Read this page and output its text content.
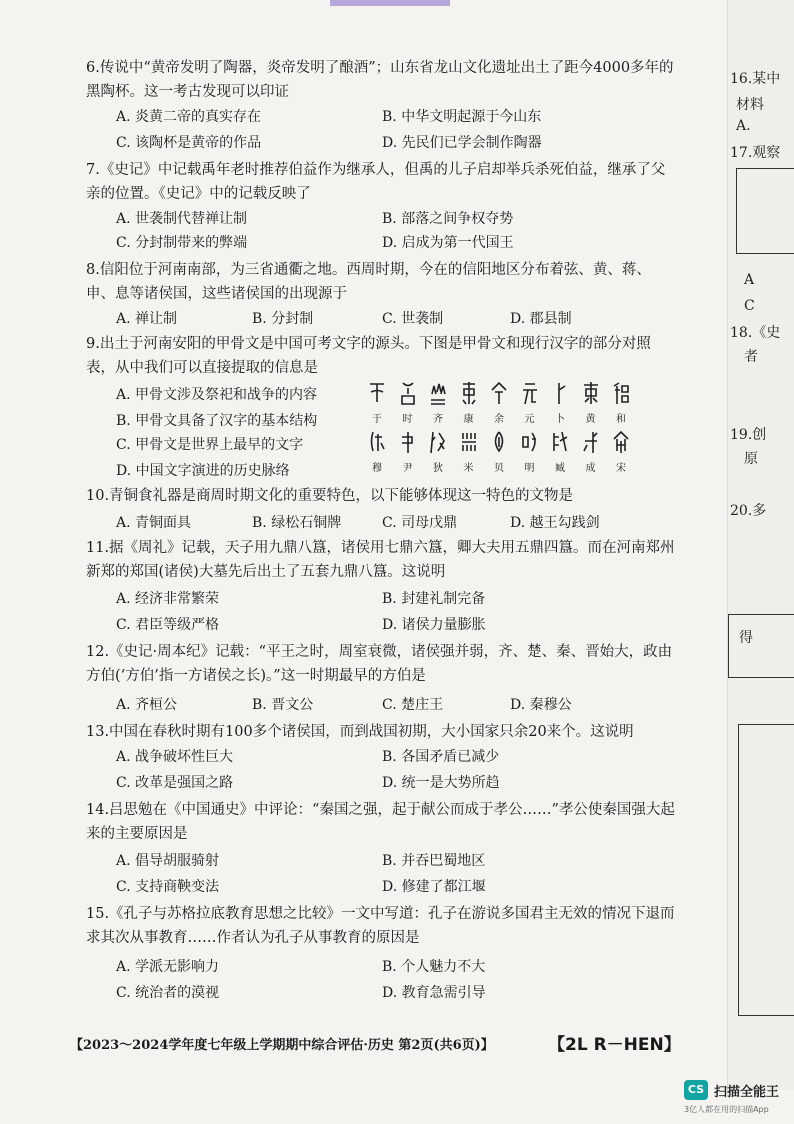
16.某中
材料
A.
17.观察
A
C
18.《史
者
19.创
原
20.多
得
6.传说中“黄帝发明了陶器，炎帝发明了酿酒”；山东省龙山文化遗址出土了距今4000多年的黑陶杯。这一考古发现可以印证
A. 炎黄二帝的真实存在	B. 中华文明起源于今山东
C. 该陶杯是黄帝的作品	D. 先民们已学会制作陶器
7.《史记》中记载禹年老时推荐伯益作为继承人，但禹的儿子启却举兵杀死伯益，继承了父亲的位置。《史记》中的记载反映了
A. 世袭制代替禅让制	B. 部落之间争权夺势
C. 分封制带来的弊端	D. 启成为第一代国王
8.信阳位于河南南部，为三省通衢之地。西周时期，今在的信阳地区分布着弦、黄、蒋、申、息等诸侯国，这些诸侯国的出现源于
A. 禅让制	B. 分封制	C. 世袭制	D. 郡县制
9.出土于河南安阳的甲骨文是中国可考文字的源头。下图是甲骨文和现行汉字的部分对照表，从中我们可以直接提取的信息是
A. 甲骨文涉及祭祀和战争的内容
B. 甲骨文具备了汉字的基本结构
C. 甲骨文是世界上最早的文字
D. 中国文字演进的历史脉络
10.青铜食礼器是商周时期文化的重要特色，以下能够体现这一特色的文物是
A. 青铜面具	B. 绿松石铜牌	C. 司母戊鼎	D. 越王勾践剑
11.据《周礼》记载，天子用九鼎八簋，诸侯用七鼎六簋，卿大夫用五鼎四簋。而在河南郑州新郑的郑国(诸侯)大墓先后出土了五套九鼎八簋。这说明
A. 经济非常繁荣	B. 封建礼制完备
C. 君臣等级严格	D. 诸侯力量膨胀
12.《史记·周本纪》记载：“平王之时，周室衰微，诸侯强并弱，齐、楚、秦、晋始大，政由方伯(‘方伯’指一方诸侯之长)。”这一时期最早的方伯是
A. 齐桓公	B. 晋文公	C. 楚庄王	D. 秦穆公
13.中国在春秋时期有100多个诸侯国，而到战国初期，大小国家只余20来个。这说明
A. 战争破坏性巨大	B. 各国矛盾已减少
C. 改革是强国之路	D. 统一是大势所趋
14.吕思勉在《中国通史》中评论：“秦国之强，起于献公而成于孝公……”孝公使秦国强大起来的主要原因是
A. 倡导胡服骑射	B. 并吞巴蜀地区
C. 支持商鞅变法	D. 修建了都江堰
15.《孔子与苏格拉底教育思想之比较》一文中写道：孔子在游说多国君主无效的情况下退而求其次从事教育……作者认为孔子从事教育的原因是
A. 学派无影响力	B. 个人魅力不大
C. 统治者的漠视	D. 教育急需引导
于	时	齐	康	余	元	卜	黄	和
穆	尹	狄	米	贝	明	臧	成	宋
【2023～2024学年度七年级上学期期中综合评估·历史 第2页(共6页)】	【2L R－HEN】
CS 扫描全能王
3亿人都在用的扫描App
